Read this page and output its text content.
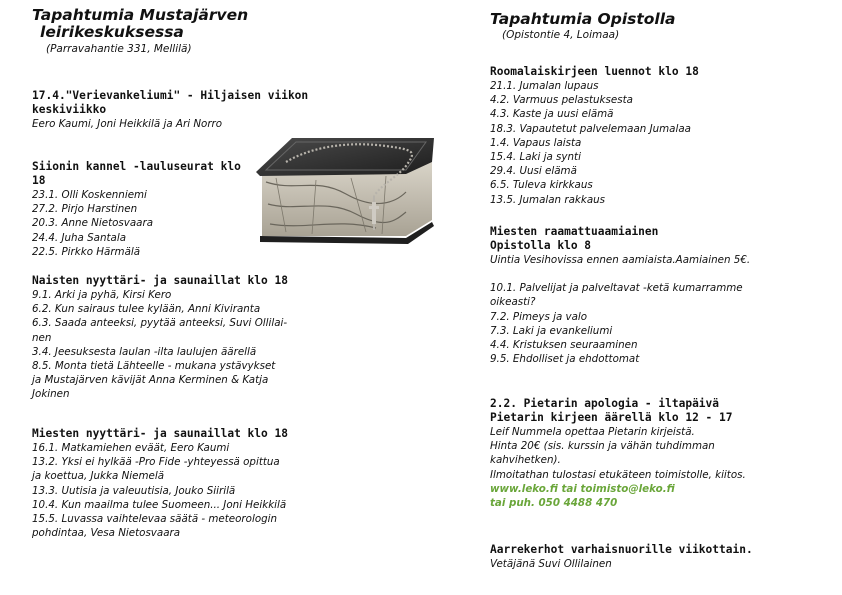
Tapahtumia Mustajärven
leirikeskuksessa
(Parravahantie 331, Mellilä)

17.4."Verievankeliumi" - Hiljaisen viikon

keskiviikko

Eero Kaumi, Joni Heikkilä ja Ari Norro

Siionin kannel -lauluseurat klo 18

23.1. Olli Koskenniemi

27.2. Pirjo Harstinen

20.3. Anne Nietosvaara

24.4. Juha Santala

22.5. Pirkko Härmälä

Naisten nyyttäri- ja saunaillat klo 18

9.1. Arki ja pyhä, Kirsi Kero

6.2. Kun sairaus tulee kylään, Anni Kiviranta

6.3. Saada anteeksi, pyytää anteeksi, Suvi Ollilai-

nen

3.4. Jeesuksesta laulan -ilta laulujen äärellä

8.5. Monta tietä Lähteelle - mukana ystävykset

ja Mustajärven kävijät Anna Kerminen & Katja

Jokinen

Miesten nyyttäri- ja saunaillat klo 18

16.1. Matkamiehen eväät, Eero Kaumi

13.2. Yksi ei hylkää -Pro Fide -yhteyessä opittua

ja koettua, Jukka Niemelä

13.3. Uutisia ja valeuutisia, Jouko Siirilä

10.4. Kun maailma tulee Suomeen... Joni Heikkilä

15.5. Luvassa vaihtelevaa säätä - meteorologin

pohdintaa, Vesa Nietosvaara

Tapahtumia Opistolla
(Opistontie 4, Loimaa)

Roomalaiskirjeen luennot klo 18

21.1. Jumalan lupaus

4.2. Varmuus pelastuksesta

4.3. Kaste ja uusi elämä

18.3. Vapautetut palvelemaan Jumalaa

1.4. Vapaus laista

15.4. Laki ja synti

29.4. Uusi elämä

6.5. Tuleva kirkkaus

13.5. Jumalan rakkaus

Miesten raamattuaamiainen

Opistolla klo 8

Uintia Vesihovissa ennen aamiaista.Aamiainen 5€.

10.1. Palvelijat ja palveltavat -ketä kumarramme

oikeasti?

7.2. Pimeys ja valo

7.3. Laki ja evankeliumi

4.4. Kristuksen seuraaminen

9.5. Ehdolliset ja ehdottomat

2.2. Pietarin apologia - iltapäivä

Pietarin kirjeen äärellä klo 12 - 17

Leif Nummela opettaa Pietarin kirjeistä.

Hinta 20€ (sis. kurssin ja vähän tuhdimman

kahvihetken).

Ilmoitathan tulostasi etukäteen toimistolle, kiitos.

www.leko.fi tai toimisto@leko.fi

tai puh. 050 4488 470

Aarrekerhot varhaisnuorille viikottain.

Vetäjänä Suvi Ollilainen
